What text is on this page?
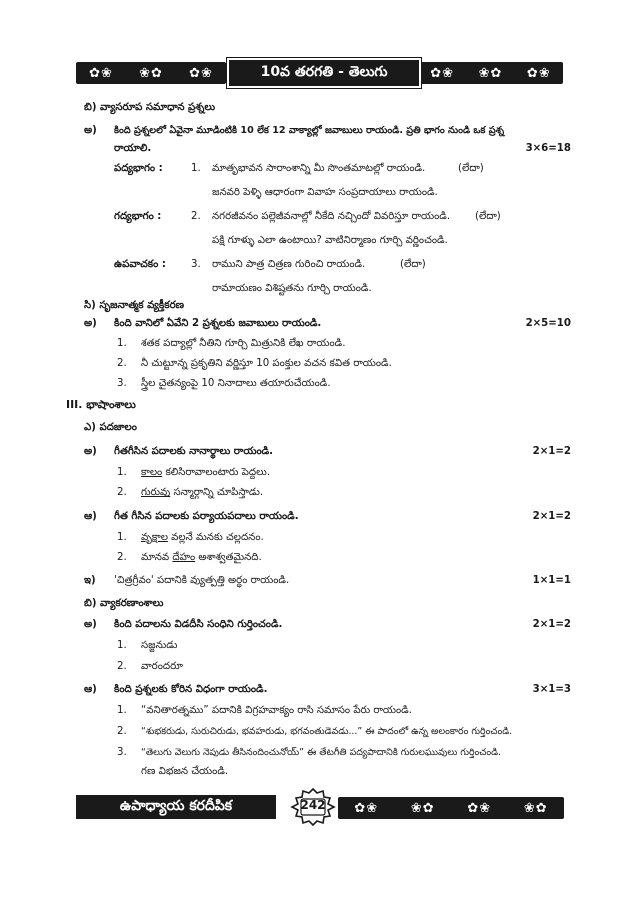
✿❀ ❀✿ ✿❀	✿❀ ❀✿ ✿❀
10వ తరగతి - తెలుగు
బి) వ్యాసరూప సమాధాన ప్రశ్నలు
అ) కింది ప్రశ్నలలో ఏవైనా మూడింటికి 10 లేక 12 వాక్యాల్లో జవాబులు రాయండి. ప్రతి భాగం నుండి ఒక ప్రశ్న
రాయాలి.	3×6=18
పద్యభాగం :	1. మాతృభావన సారాంశాన్ని మీ సొంతమాటల్లో రాయండి.	(లేదా)
జనవరి పెళ్ళి ఆధారంగా వివాహ సంప్రదాయాలు రాయండి.
గద్యభాగం :	2. నగరజీవనం పల్లెజీవనాల్లో నీకేది నచ్చిందో వివరిస్తూ రాయండి. (లేదా)
పక్షి గూళ్ళు ఎలా ఉంటాయి? వాటినిర్మాణం గూర్చి వర్ణించండి.
ఉపవాచకం : 3. రాముని పాత్ర చిత్రణ గురించి రాయండి.	(లేదా)
రామాయణం విశిష్టతను గూర్చి రాయండి.
సి) సృజనాత్మక వ్యక్తీకరణ
అ) కింది వానిలో ఏవేని 2 ప్రశ్నలకు జవాబులు రాయండి.	2×5=10
1. శతక పద్యాల్లో నీతిని గూర్చి మిత్రునికి లేఖ రాయండి.
2. నీ చుట్టూన్న ప్రకృతిని వర్ణిస్తూ 10 పంక్తుల వచన కవిత రాయండి.
3. స్త్రీల చైతన్యంపై 10 నినాదాలు తయారుచేయండి.
III. భాషాంశాలు
ఎ) పదజాలం
అ) గీతగీసిన పదాలకు నానార్థాలు రాయండి.	2×1=2
1. కాలం కలిసిరావాలంటారు పెద్దలు.
2. గురువు సన్మార్గాన్ని చూపిస్తాడు.
ఆ) గీత గీసిన పదాలకు పర్యాయపదాలు రాయండి.	2×1=2
1. వృక్షాల వల్లనే మనకు చల్లదనం.
2. మానవ దేహం అశాశ్వతమైనది.
ఇ) 'చిత్రగ్రీవం' పదానికి వ్యుత్పత్తి అర్థం రాయండి.	1×1=1
బి) వ్యాకరణాంశాలు
అ) కింది పదాలను విడదీసి సంధిని గుర్తించండి.	2×1=2
1. సజ్జనుడు
2. వారందరూ
ఆ) కింది ప్రశ్నలకు కోరిన విధంగా రాయండి.	3×1=3
1. “వనితారత్నము” పదానికి విగ్రహవాక్యం రాసి సమాసం పేరు రాయండి.
2. “శుభకరుడు, సురుచిరుడు, భవహరుడు, భగవంతుడెవడు...” ఈ పాదంలో ఉన్న అలంకారం గుర్తించండి.
3. “తెలుగు వెలుగు నెపుడు తీసినందించునోయ్” ఈ తేటగీతి పద్యపాదానికి గురులఘువులు గుర్తించండి.
గణ విభజన చేయండి.
ఉపాధ్యాయ కరదీపిక	242	✿❀	❀✿	✿❀	❀✿
